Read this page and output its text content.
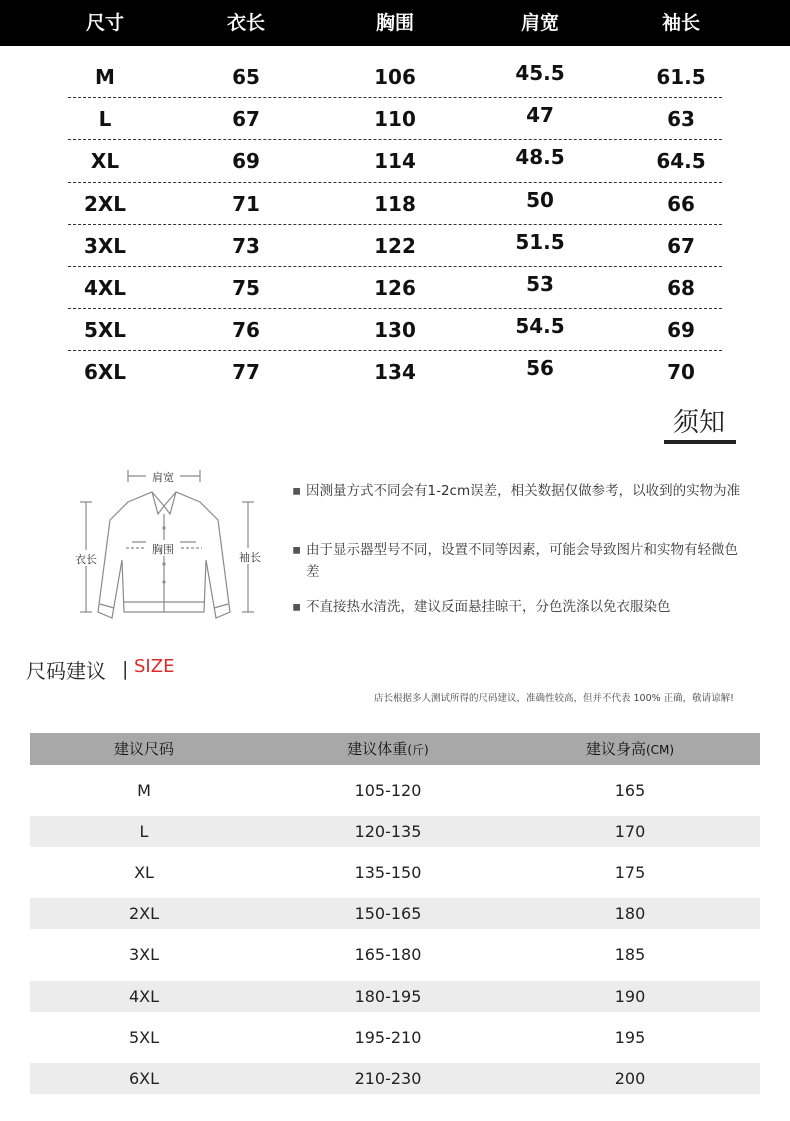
尺寸	衣长	胸围	肩宽	袖长
M	65	106	45.5	61.5
L	67	110	47	63
XL	69	114	48.5	64.5
2XL	71	118	50	66
3XL	73	122	51.5	67
4XL	75	126	53	68
5XL	76	130	54.5	69
6XL	77	134	56	70
须知
肩宽
胸围
衣长	袖长
▪ 因测量方式不同会有1-2cm误差，相关数据仅做参考，以收到的实物为准
▪ 由于显示器型号不同，设置不同等因素，可能会导致图片和实物有轻微色差
▪ 不直接热水清洗，建议反面悬挂晾干，分色洗涤以免衣服染色
尺码建议 | SIZE
店长根据多人测试所得的尺码建议，准确性较高，但并不代表 100% 正确，敬请谅解!
建议尺码	建议体重(斤)	建议身高(CM)
M	105-120	165
L	120-135	170
XL	135-150	175
2XL	150-165	180
3XL	165-180	185
4XL	180-195	190
5XL	195-210	195
6XL	210-230	200
